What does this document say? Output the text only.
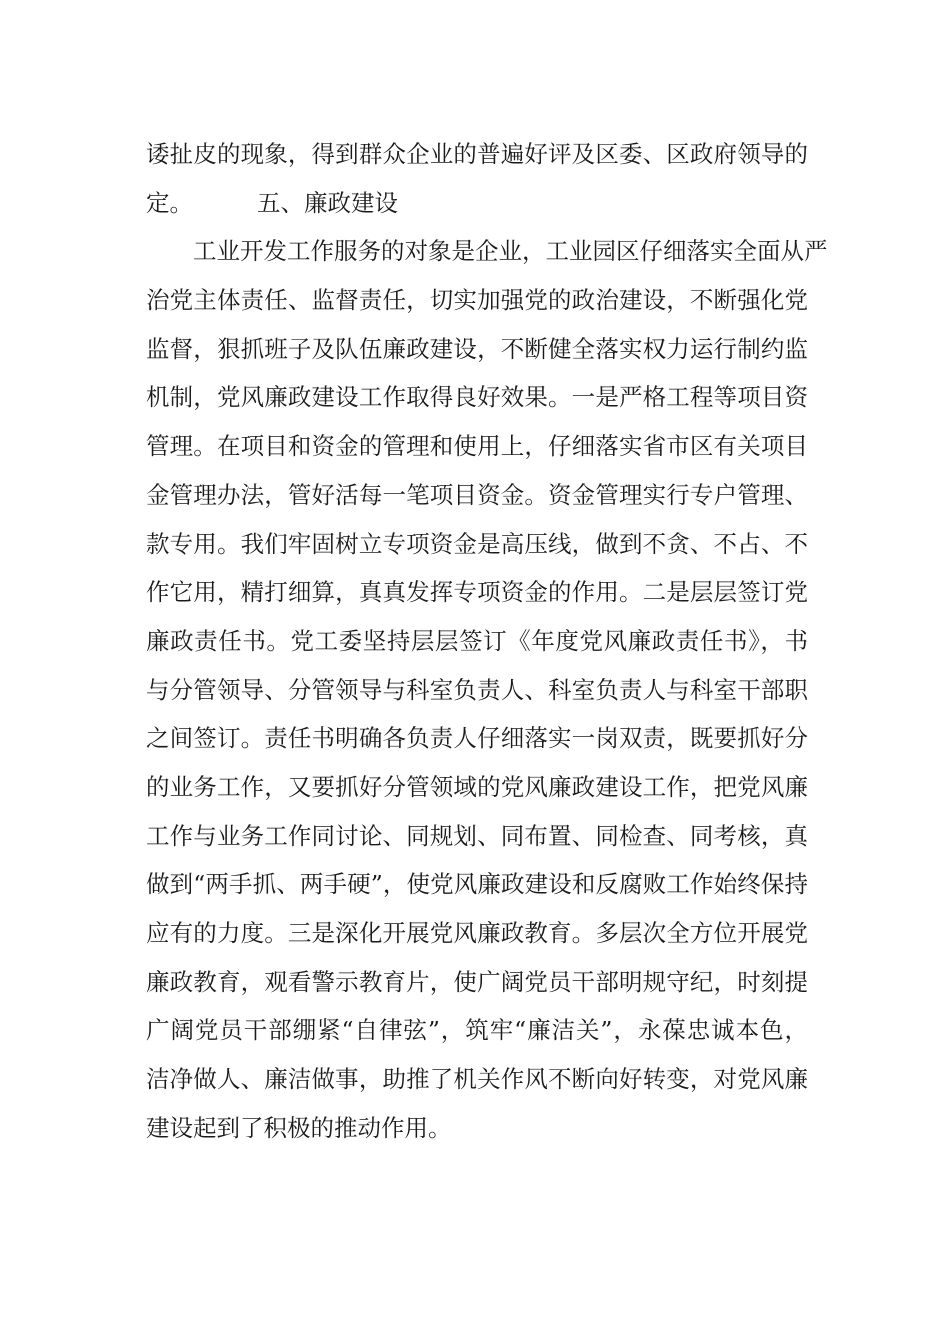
诿扯皮的现象，得到群众企业的普遍好评及区委、区政府领导的
定。	五、廉政建设
工业开发工作服务的对象是企业，工业园区仔细落实全面从严
治党主体责任、监督责任，切实加强党的政治建设，不断强化党
监督，狠抓班子及队伍廉政建设，不断健全落实权力运行制约监
机制，党风廉政建设工作取得良好效果。一是严格工程等项目资
管理。在项目和资金的管理和使用上，仔细落实省市区有关项目
金管理办法，管好活每一笔项目资金。资金管理实行专户管理、
款专用。我们牢固树立专项资金是高压线，做到不贪、不占、不
作它用，精打细算，真真发挥专项资金的作用。二是层层签订党
廉政责任书。党工委坚持层层签订《年度党风廉政责任书》，书
与分管领导、分管领导与科室负责人、科室负责人与科室干部职
之间签订。责任书明确各负责人仔细落实一岗双责，既要抓好分
的业务工作，又要抓好分管领域的党风廉政建设工作，把党风廉
工作与业务工作同讨论、同规划、同布置、同检查、同考核，真
做到“两手抓、两手硬”，使党风廉政建设和反腐败工作始终保持
应有的力度。三是深化开展党风廉政教育。多层次全方位开展党
廉政教育，观看警示教育片，使广阔党员干部明规守纪，时刻提
广阔党员干部绷紧“自律弦”，筑牢“廉洁关”，永葆忠诚本色，
洁净做人、廉洁做事，助推了机关作风不断向好转变，对党风廉
建设起到了积极的推动作用。
